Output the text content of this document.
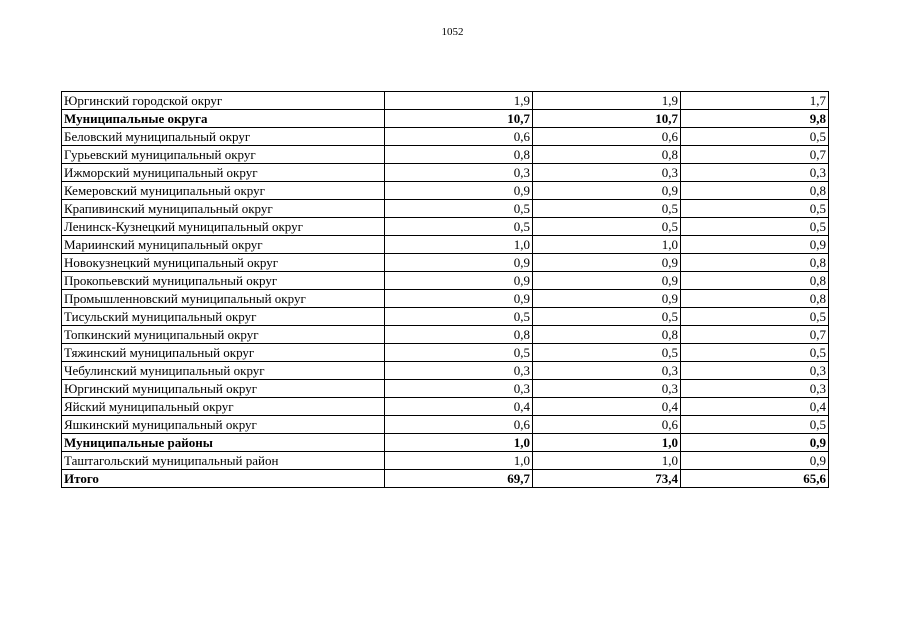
1052
Юргинский городской округ	1,9	1,9	1,7
Муниципальные округа	10,7	10,7	9,8
Беловский муниципальный округ	0,6	0,6	0,5
Гурьевский муниципальный округ	0,8	0,8	0,7
Ижморский муниципальный округ	0,3	0,3	0,3
Кемеровский муниципальный округ	0,9	0,9	0,8
Крапивинский муниципальный округ	0,5	0,5	0,5
Ленинск-Кузнецкий муниципальный округ	0,5	0,5	0,5
Мариинский муниципальный округ	1,0	1,0	0,9
Новокузнецкий муниципальный округ	0,9	0,9	0,8
Прокопьевский муниципальный округ	0,9	0,9	0,8
Промышленновский муниципальный округ	0,9	0,9	0,8
Тисульский муниципальный округ	0,5	0,5	0,5
Топкинский муниципальный округ	0,8	0,8	0,7
Тяжинский муниципальный округ	0,5	0,5	0,5
Чебулинский муниципальный округ	0,3	0,3	0,3
Юргинский муниципальный округ	0,3	0,3	0,3
Яйский муниципальный округ	0,4	0,4	0,4
Яшкинский муниципальный округ	0,6	0,6	0,5
Муниципальные районы	1,0	1,0	0,9
Таштагольский муниципальный район	1,0	1,0	0,9
Итого	69,7	73,4	65,6
